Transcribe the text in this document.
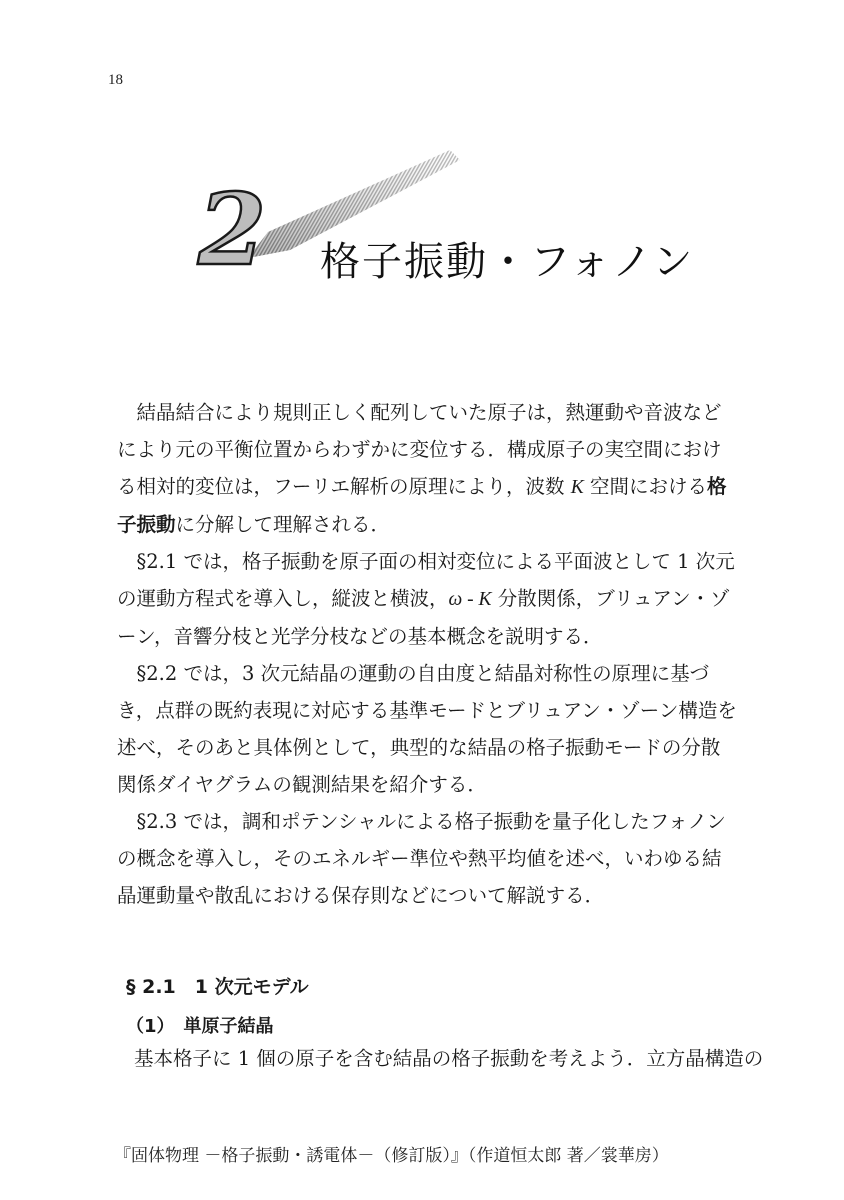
18
2 格子振動・フォノン

結晶結合により規則正しく配列していた原子は，熱運動や音波などにより元の平衡位置からわずかに変位する．構成原子の実空間における相対的変位は，フーリエ解析の原理により，波数 K 空間における格子振動に分解して理解される．

§2.1 では，格子振動を原子面の相対変位による平面波として 1 次元の運動方程式を導入し，縦波と横波，ω - K 分散関係，ブリュアン・ゾーン，音響分枝と光学分枝などの基本概念を説明する．

§2.2 では，3 次元結晶の運動の自由度と結晶対称性の原理に基づき，点群の既約表現に対応する基準モードとブリュアン・ゾーン構造を述べ，そのあと具体例として，典型的な結晶の格子振動モードの分散関係ダイヤグラムの観測結果を紹介する．

§2.3 では，調和ポテンシャルによる格子振動を量子化したフォノンの概念を導入し，そのエネルギー準位や熱平均値を述べ，いわゆる結晶運動量や散乱における保存則などについて解説する．

§ 2.1　1 次元モデル
（1）　単原子結晶
基本格子に 1 個の原子を含む結晶の格子振動を考えよう．立方晶構造の
『固体物理 －格子振動・誘電体－（修訂版）』（作道恒太郎 著／裳華房）
